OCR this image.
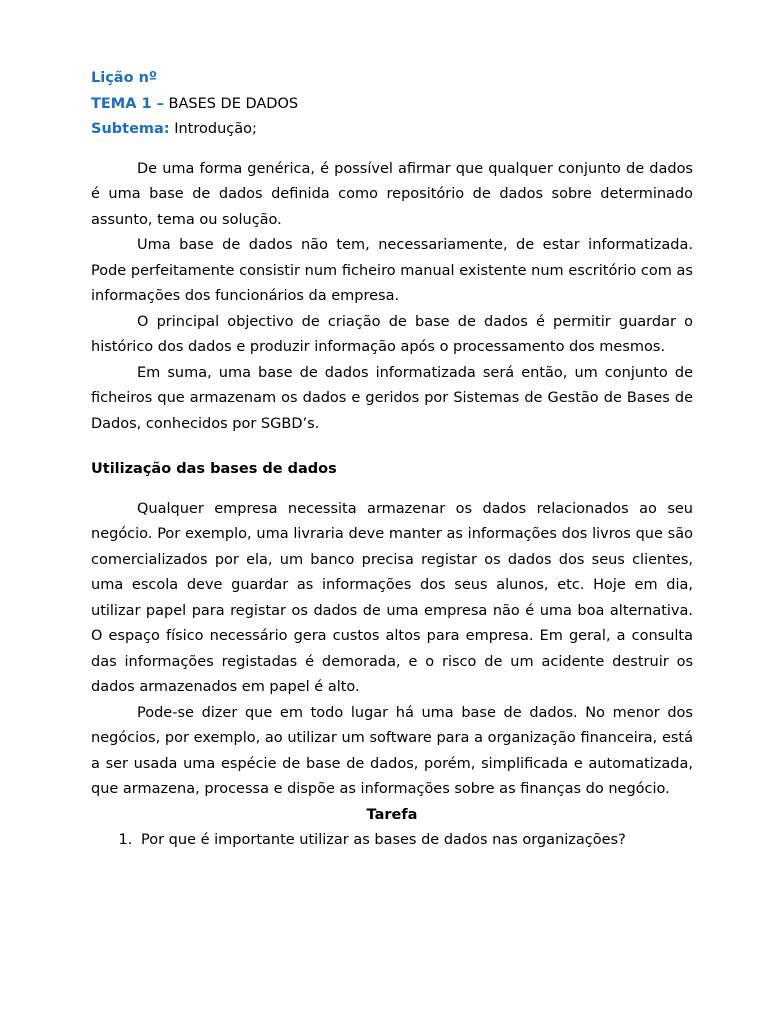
Lição nº
TEMA 1 – BASES DE DADOS
Subtema: Introdução;

De uma forma genérica, é possível afirmar que qualquer conjunto de dados é uma base de dados definida como repositório de dados sobre determinado assunto, tema ou solução.

Uma base de dados não tem, necessariamente, de estar informatizada. Pode perfeitamente consistir num ficheiro manual existente num escritório com as informações dos funcionários da empresa.

O principal objectivo de criação de base de dados é permitir guardar o histórico dos dados e produzir informação após o processamento dos mesmos.

Em suma, uma base de dados informatizada será então, um conjunto de ficheiros que armazenam os dados e geridos por Sistemas de Gestão de Bases de Dados, conhecidos por SGBD’s.

Utilização das bases de dados

Qualquer empresa necessita armazenar os dados relacionados ao seu negócio. Por exemplo, uma livraria deve manter as informações dos livros que são comercializados por ela, um banco precisa registar os dados dos seus clientes, uma escola deve guardar as informações dos seus alunos, etc. Hoje em dia, utilizar papel para registar os dados de uma empresa não é uma boa alternativa. O espaço físico necessário gera custos altos para empresa. Em geral, a consulta das informações registadas é demorada, e o risco de um acidente destruir os dados armazenados em papel é alto.

Pode-se dizer que em todo lugar há uma base de dados. No menor dos negócios, por exemplo, ao utilizar um software para a organização financeira, está a ser usada uma espécie de base de dados, porém, simplificada e automatizada, que armazena, processa e dispõe as informações sobre as finanças do negócio.

Tarefa
1. Por que é importante utilizar as bases de dados nas organizações?
